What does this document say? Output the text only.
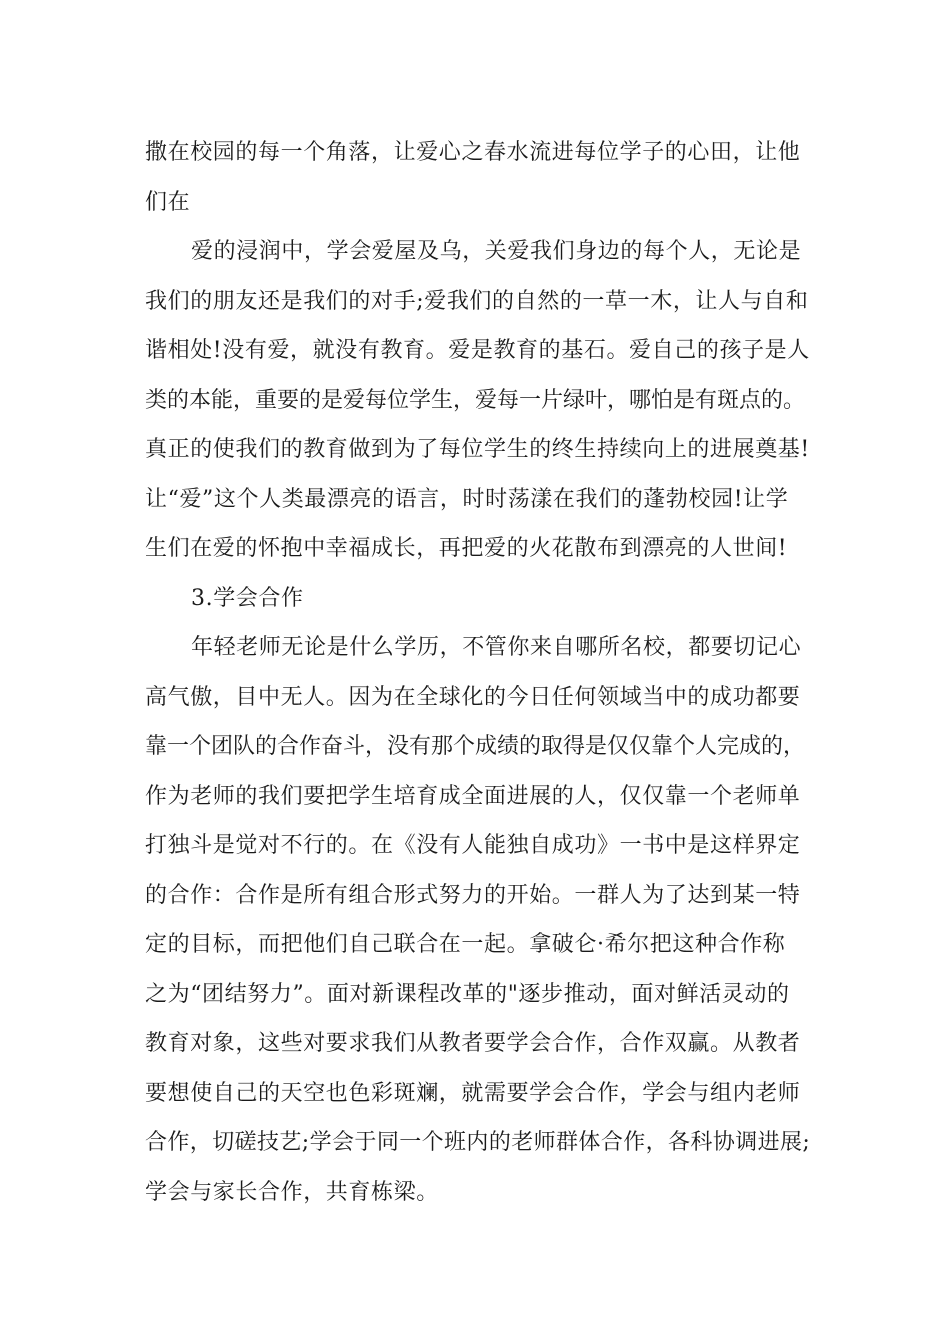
撒在校园的每一个角落，让爱心之春水流进每位学子的心田，让他
们在
爱的浸润中，学会爱屋及乌，关爱我们身边的每个人，无论是
我们的朋友还是我们的对手;爱我们的自然的一草一木，让人与自和
谐相处!没有爱，就没有教育。爱是教育的基石。爱自己的孩子是人
类的本能，重要的是爱每位学生，爱每一片绿叶，哪怕是有斑点的。
真正的使我们的教育做到为了每位学生的终生持续向上的进展奠基!
让“爱”这个人类最漂亮的语言，时时荡漾在我们的蓬勃校园!让学
生们在爱的怀抱中幸福成长，再把爱的火花散布到漂亮的人世间!
3.学会合作
年轻老师无论是什么学历，不管你来自哪所名校，都要切记心
高气傲，目中无人。因为在全球化的今日任何领域当中的成功都要
靠一个团队的合作奋斗，没有那个成绩的取得是仅仅靠个人完成的，
作为老师的我们要把学生培育成全面进展的人，仅仅靠一个老师单
打独斗是觉对不行的。在《没有人能独自成功》一书中是这样界定
的合作：合作是所有组合形式努力的开始。一群人为了达到某一特
定的目标，而把他们自己联合在一起。拿破仑·希尔把这种合作称
之为“团结努力”。面对新课程改革的"逐步推动，面对鲜活灵动的
教育对象，这些对要求我们从教者要学会合作，合作双赢。从教者
要想使自己的天空也色彩斑斓，就需要学会合作，学会与组内老师
合作，切磋技艺;学会于同一个班内的老师群体合作，各科协调进展;
学会与家长合作，共育栋梁。
